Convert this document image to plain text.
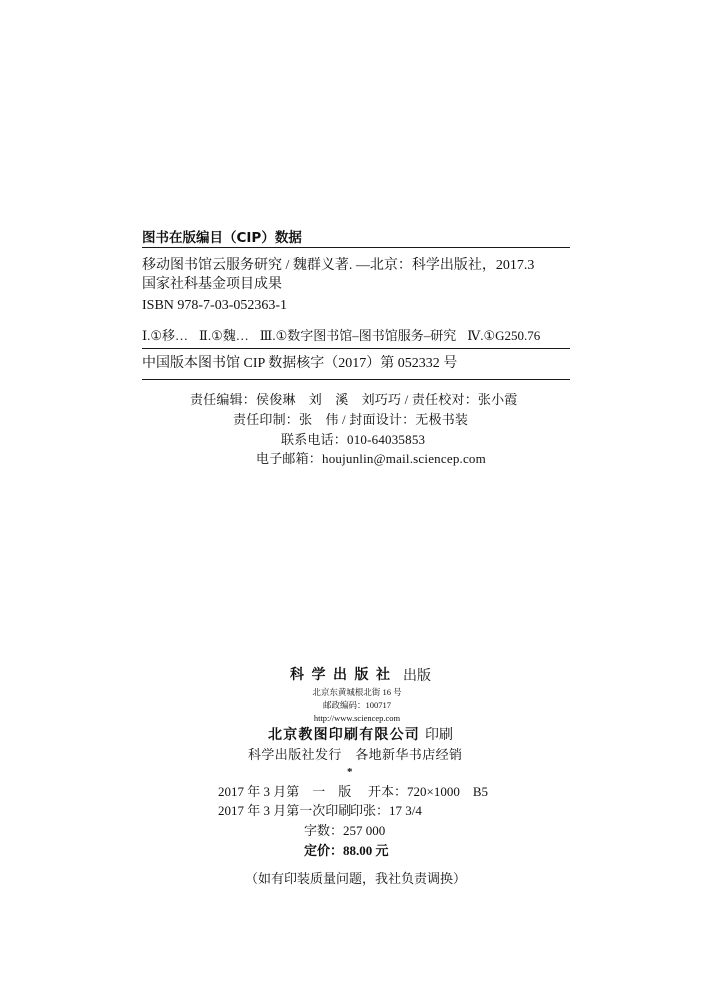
图书在版编目（CIP）数据
移动图书馆云服务研究 / 魏群义著. —北京：科学出版社，2017.3
国家社科基金项目成果
ISBN 978-7-03-052363-1
Ⅰ.①移… Ⅱ.①魏… Ⅲ.①数字图书馆–图书馆服务–研究 Ⅳ.①G250.76
中国版本图书馆 CIP 数据核字（2017）第 052332 号
责任编辑：侯俊琳　刘　溪　刘巧巧 / 责任校对：张小霞
责任印制：张　伟 / 封面设计：无极书装
联系电话：010-64035853
电子邮箱：houjunlin@mail.sciencep.com
科 学 出 版 社 出版
北京东黄城根北街 16 号
邮政编码：100717
http://www.sciencep.com
北京教图印刷有限公司 印刷
科学出版社发行　各地新华书店经销
*
2017 年 3 月第　一　版 开本：720×1000　B5
2017 年 3 月第一次印刷
印张：17 3/4
字数：257 000
定价：88.00 元
（如有印装质量问题，我社负责调换）
